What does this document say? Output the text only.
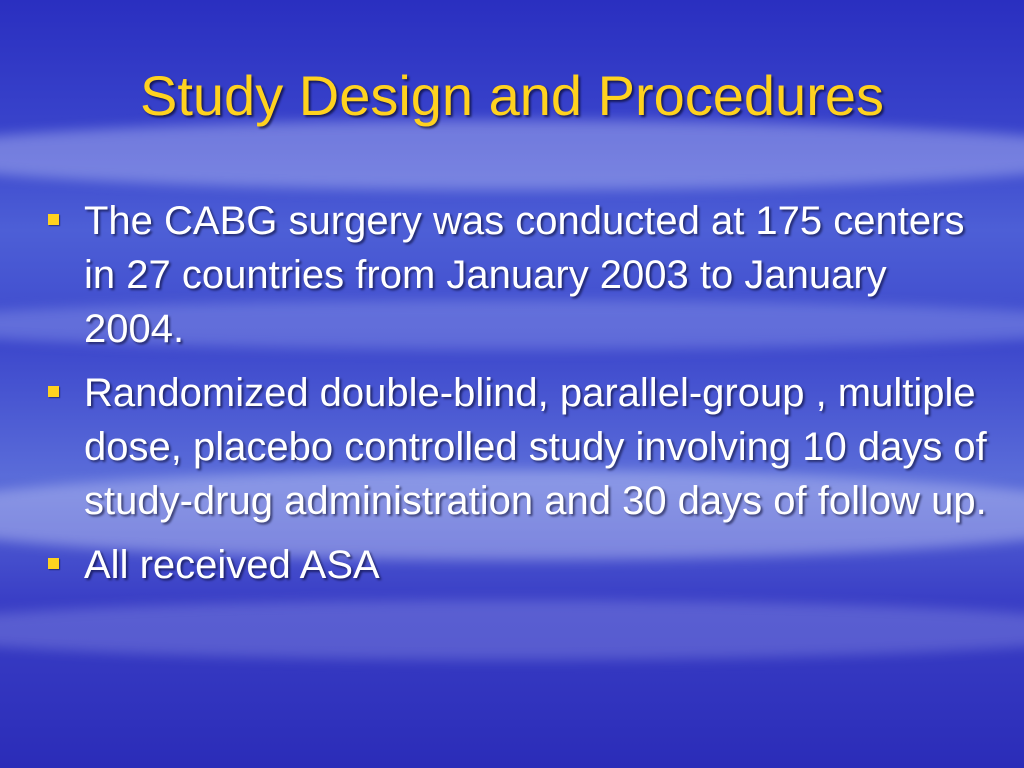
Study Design and Procedures
The CABG surgery was conducted at 175 centers in 27 countries from January 2003 to January 2004.
Randomized double-blind, parallel-group , multiple dose, placebo controlled study involving 10 days of study-drug administration and 30 days of follow up.
All received ASA
